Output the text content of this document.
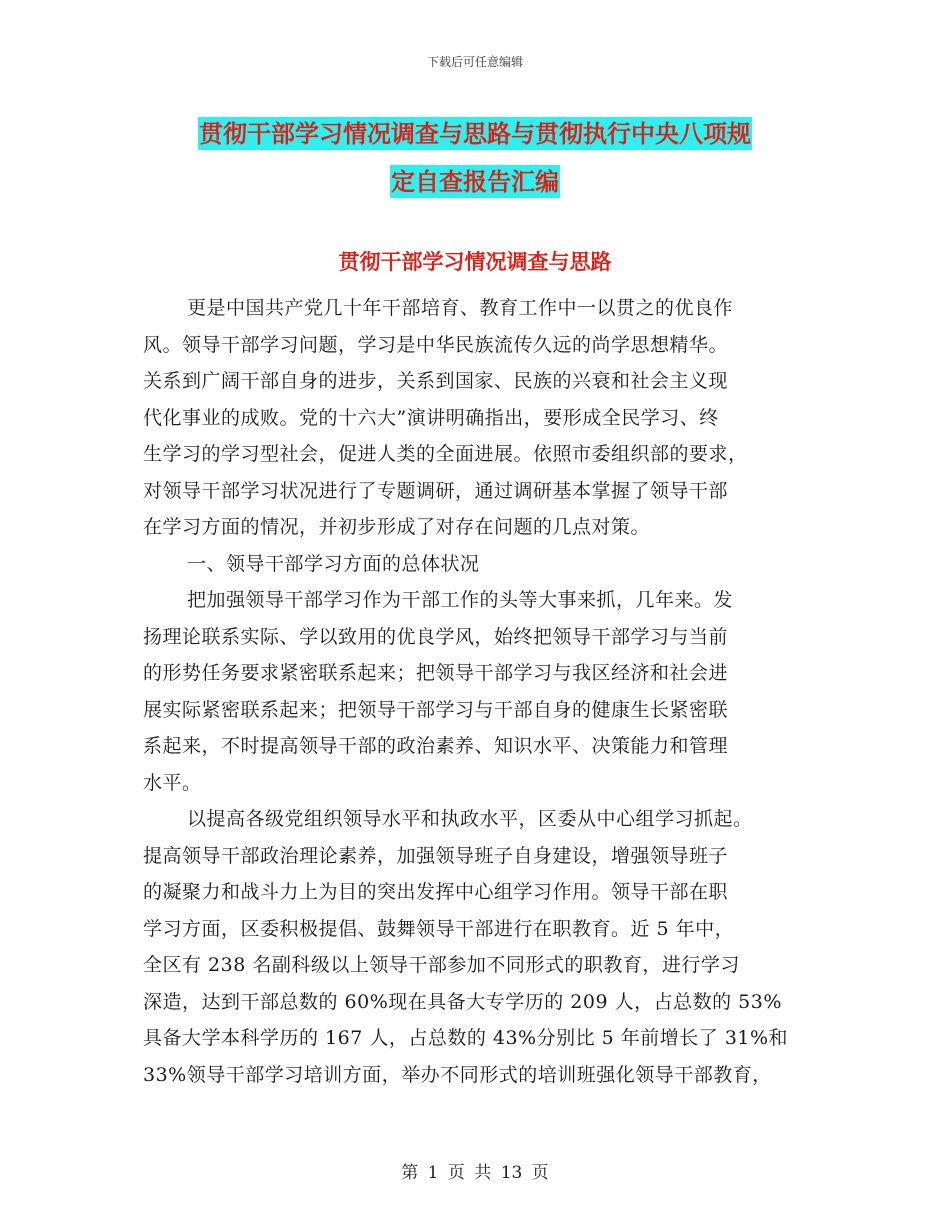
下载后可任意编辑
贯彻干部学习情况调查与思路与贯彻执行中央八项规
定自查报告汇编
贯彻干部学习情况调查与思路
更是中国共产党几十年干部培育、教育工作中一以贯之的优良作
风。领导干部学习问题，学习是中华民族流传久远的尚学思想精华。
关系到广阔干部自身的进步，关系到国家、民族的兴衰和社会主义现
代化事业的成败。党的十六大”演讲明确指出，要形成全民学习、终
生学习的学习型社会，促进人类的全面进展。依照市委组织部的要求，
对领导干部学习状况进行了专题调研，通过调研基本掌握了领导干部
在学习方面的情况，并初步形成了对存在问题的几点对策。
一、领导干部学习方面的总体状况
把加强领导干部学习作为干部工作的头等大事来抓，几年来。发
扬理论联系实际、学以致用的优良学风，始终把领导干部学习与当前
的形势任务要求紧密联系起来；把领导干部学习与我区经济和社会进
展实际紧密联系起来；把领导干部学习与干部自身的健康生长紧密联
系起来，不时提高领导干部的政治素养、知识水平、决策能力和管理
水平。
以提高各级党组织领导水平和执政水平，区委从中心组学习抓起。
提高领导干部政治理论素养，加强领导班子自身建设，增强领导班子
的凝聚力和战斗力上为目的突出发挥中心组学习作用。领导干部在职
学习方面，区委积极提倡、鼓舞领导干部进行在职教育。近 5 年中，
全区有 238 名副科级以上领导干部参加不同形式的职教育，进行学习
深造，达到干部总数的 60%现在具备大专学历的 209 人，占总数的 53%
具备大学本科学历的 167 人，占总数的 43%分别比 5 年前增长了 31%和
33%领导干部学习培训方面，举办不同形式的培训班强化领导干部教育，
第 1 页 共 13 页
